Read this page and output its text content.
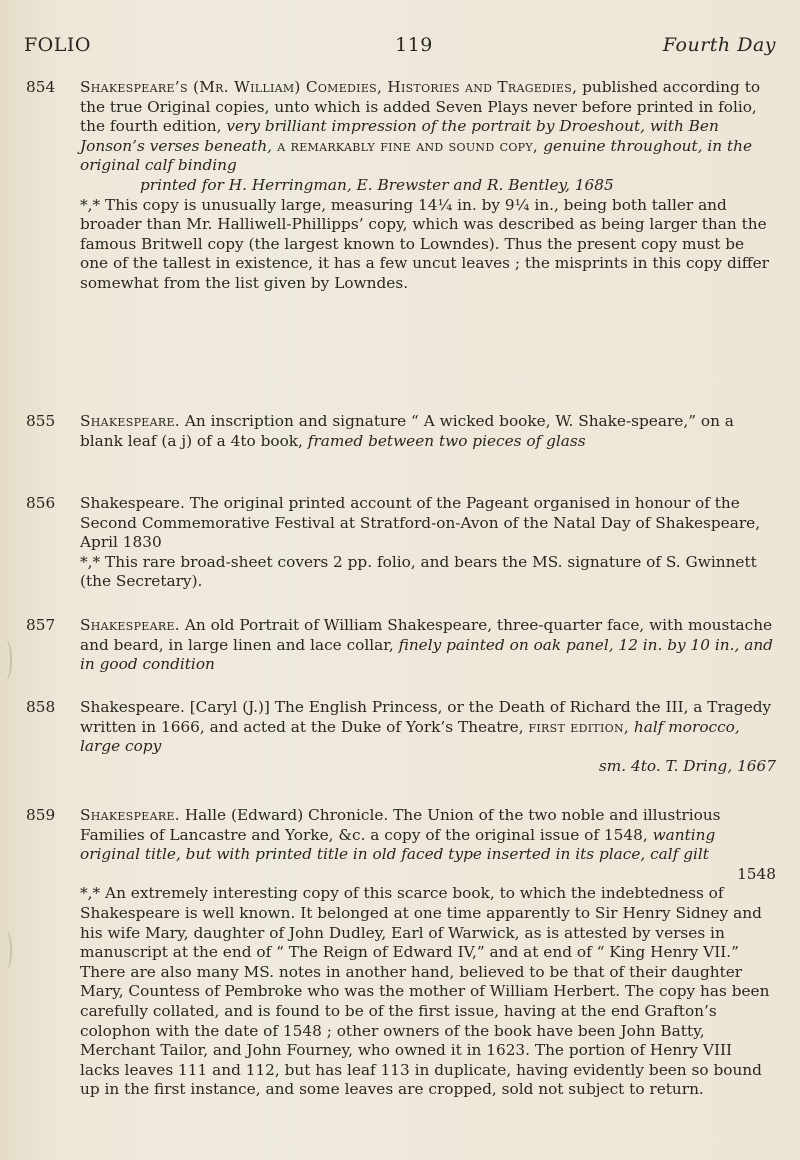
FOLIO	119	Fourth Day
854	Shakespeare’s (Mr. William) Comedies, Histories and Tragedies, published according to the true Original copies, unto which is added Seven Plays never before printed in folio, the fourth edition, very brilliant impression of the portrait by Droeshout, with Ben Jonson’s verses beneath, a remarkably fine and sound copy, genuine throughout, in the original calf binding
printed for H. Herringman, E. Brewster and R. Bentley, 1685
*,* This copy is unusually large, measuring 14¼ in. by 9¼ in., being both taller and broader than Mr. Halliwell-Phillipps’ copy, which was described as being larger than the famous Britwell copy (the largest known to Lowndes). Thus the present copy must be one of the tallest in existence, it has a few uncut leaves ; the misprints in this copy differ somewhat from the list given by Lowndes.
855	Shakespeare. An inscription and signature “ A wicked booke, W. Shake-speare,” on a blank leaf (a j) of a 4to book, framed between two pieces of glass
856	Shakespeare. The original printed account of the Pageant organised in honour of the Second Commemorative Festival at Stratford-on-Avon of the Natal Day of Shakespeare, April 1830
*,* This rare broad-sheet covers 2 pp. folio, and bears the MS. signature of S. Gwinnett (the Secretary).
857	Shakespeare. An old Portrait of William Shakespeare, three-quarter face, with moustache and beard, in large linen and lace collar, finely painted on oak panel, 12 in. by 10 in., and in good condition
858	Shakespeare. [Caryl (J.)] The English Princess, or the Death of Richard the III, a Tragedy written in 1666, and acted at the Duke of York’s Theatre, first edition, half morocco, large copy
sm. 4to. T. Dring, 1667
859	Shakespeare. Halle (Edward) Chronicle. The Union of the two noble and illustrious Families of Lancastre and Yorke, &c. a copy of the original issue of 1548, wanting original title, but with printed title in old faced type inserted in its place, calf gilt
1548
*,* An extremely interesting copy of this scarce book, to which the indebtedness of Shakespeare is well known. It belonged at one time apparently to Sir Henry Sidney and his wife Mary, daughter of John Dudley, Earl of Warwick, as is attested by verses in manuscript at the end of “ The Reign of Edward IV,” and at end of “ King Henry VII.” There are also many MS. notes in another hand, believed to be that of their daughter Mary, Countess of Pembroke who was the mother of William Herbert. The copy has been carefully collated, and is found to be of the first issue, having at the end Grafton’s colophon with the date of 1548 ; other owners of the book have been John Batty, Merchant Tailor, and John Fourney, who owned it in 1623. The portion of Henry VIII lacks leaves 111 and 112, but has leaf 113 in duplicate, having evidently been so bound up in the first instance, and some leaves are cropped, sold not subject to return.
